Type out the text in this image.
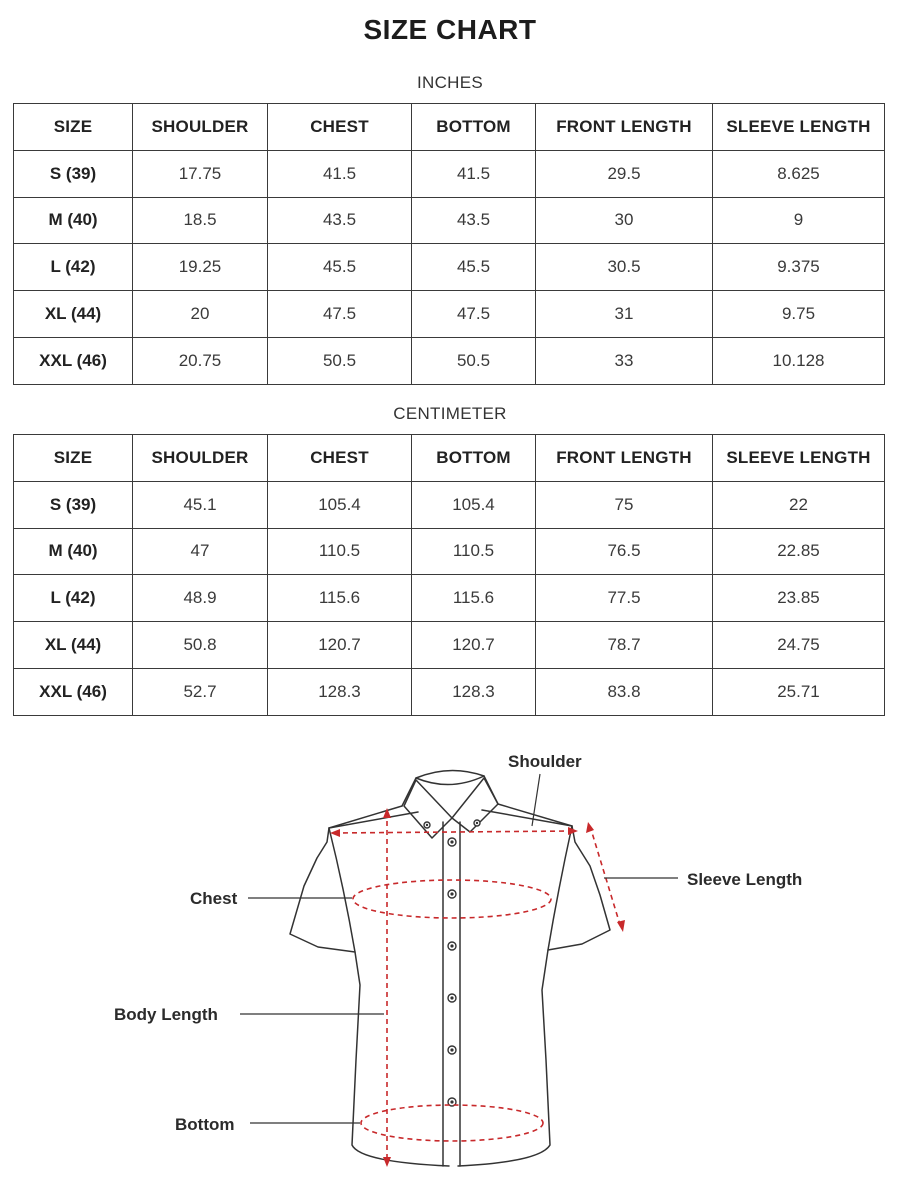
SIZE CHART
INCHES
SIZE	SHOULDER	CHEST	BOTTOM	FRONT LENGTH	SLEEVE LENGTH
S (39)	17.75	41.5	41.5	29.5	8.625
M (40)	18.5	43.5	43.5	30	9
L (42)	19.25	45.5	45.5	30.5	9.375
XL (44)	20	47.5	47.5	31	9.75
XXL (46)	20.75	50.5	50.5	33	10.128
CENTIMETER
SIZE	SHOULDER	CHEST	BOTTOM	FRONT LENGTH	SLEEVE LENGTH
S (39)	45.1	105.4	105.4	75	22
M (40)	47	110.5	110.5	76.5	22.85
L (42)	48.9	115.6	115.6	77.5	23.85
XL (44)	50.8	120.7	120.7	78.7	24.75
XXL (46)	52.7	128.3	128.3	83.8	25.71
Shoulder
Sleeve Length
Chest
Body Length
Bottom
